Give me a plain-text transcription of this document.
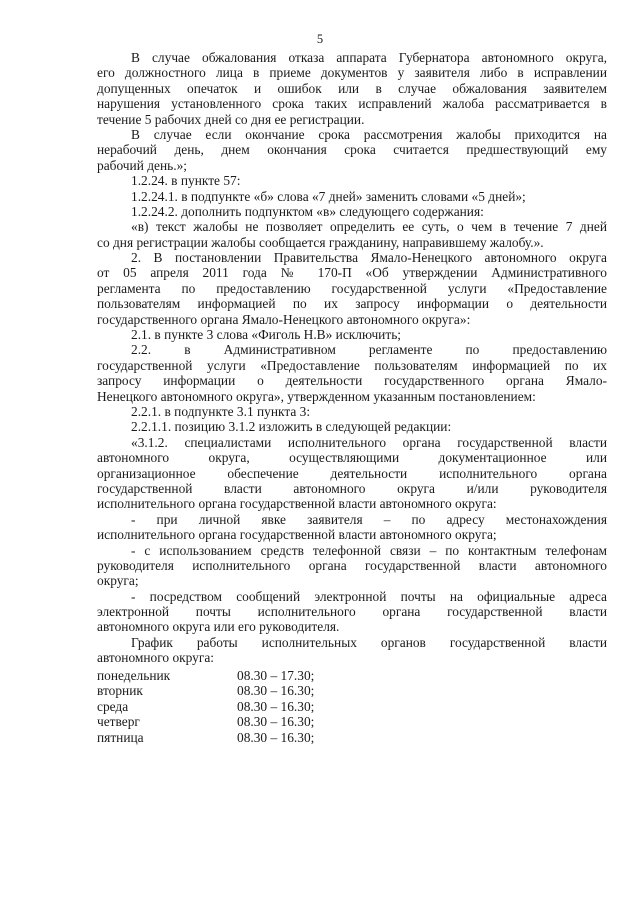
5
В случае обжалования отказа аппарата Губернатора автономного округа,
его должностного лица в приеме документов у заявителя либо в исправлении
допущенных опечаток и ошибок или в случае обжалования заявителем
нарушения установленного срока таких исправлений жалоба рассматривается в
течение 5 рабочих дней со дня ее регистрации.
В случае если окончание срока рассмотрения жалобы приходится на
нерабочий день, днем окончания срока считается предшествующий ему
рабочий день.»;
1.2.24. в пункте 57:
1.2.24.1. в подпункте «б» слова «7 дней» заменить словами «5 дней»;
1.2.24.2. дополнить подпунктом «в» следующего содержания:
«в) текст жалобы не позволяет определить ее суть, о чем в течение 7 дней
со дня регистрации жалобы сообщается гражданину, направившему жалобу.».
2. В постановлении Правительства Ямало-Ненецкого автономного округа
от 05 апреля 2011 года № 170-П «Об утверждении Административного
регламента по предоставлению государственной услуги «Предоставление
пользователям информацией по их запросу информации о деятельности
государственного органа Ямало-Ненецкого автономного округа»:
2.1. в пункте 3 слова «Фиголь Н.В» исключить;
2.2. в Административном регламенте по предоставлению
государственной услуги «Предоставление пользователям информацией по их
запросу информации о деятельности государственного органа Ямало-
Ненецкого автономного округа», утвержденном указанным постановлением:
2.2.1. в подпункте 3.1 пункта 3:
2.2.1.1. позицию 3.1.2 изложить в следующей редакции:
«3.1.2. специалистами исполнительного органа государственной власти
автономного округа, осуществляющими документационное или
организационное обеспечение деятельности исполнительного органа
государственной власти автономного округа и/или руководителя
исполнительного органа государственной власти автономного округа:
- при личной явке заявителя – по адресу местонахождения
исполнительного органа государственной власти автономного округа;
- с использованием средств телефонной связи – по контактным телефонам
руководителя исполнительного органа государственной власти автономного
округа;
- посредством сообщений электронной почты на официальные адреса
электронной почты исполнительного органа государственной власти
автономного округа или его руководителя.
График работы исполнительных органов государственной власти
автономного округа:
понедельник	08.30 – 17.30;
вторник	08.30 – 16.30;
среда	08.30 – 16.30;
четверг	08.30 – 16.30;
пятница	08.30 – 16.30;
